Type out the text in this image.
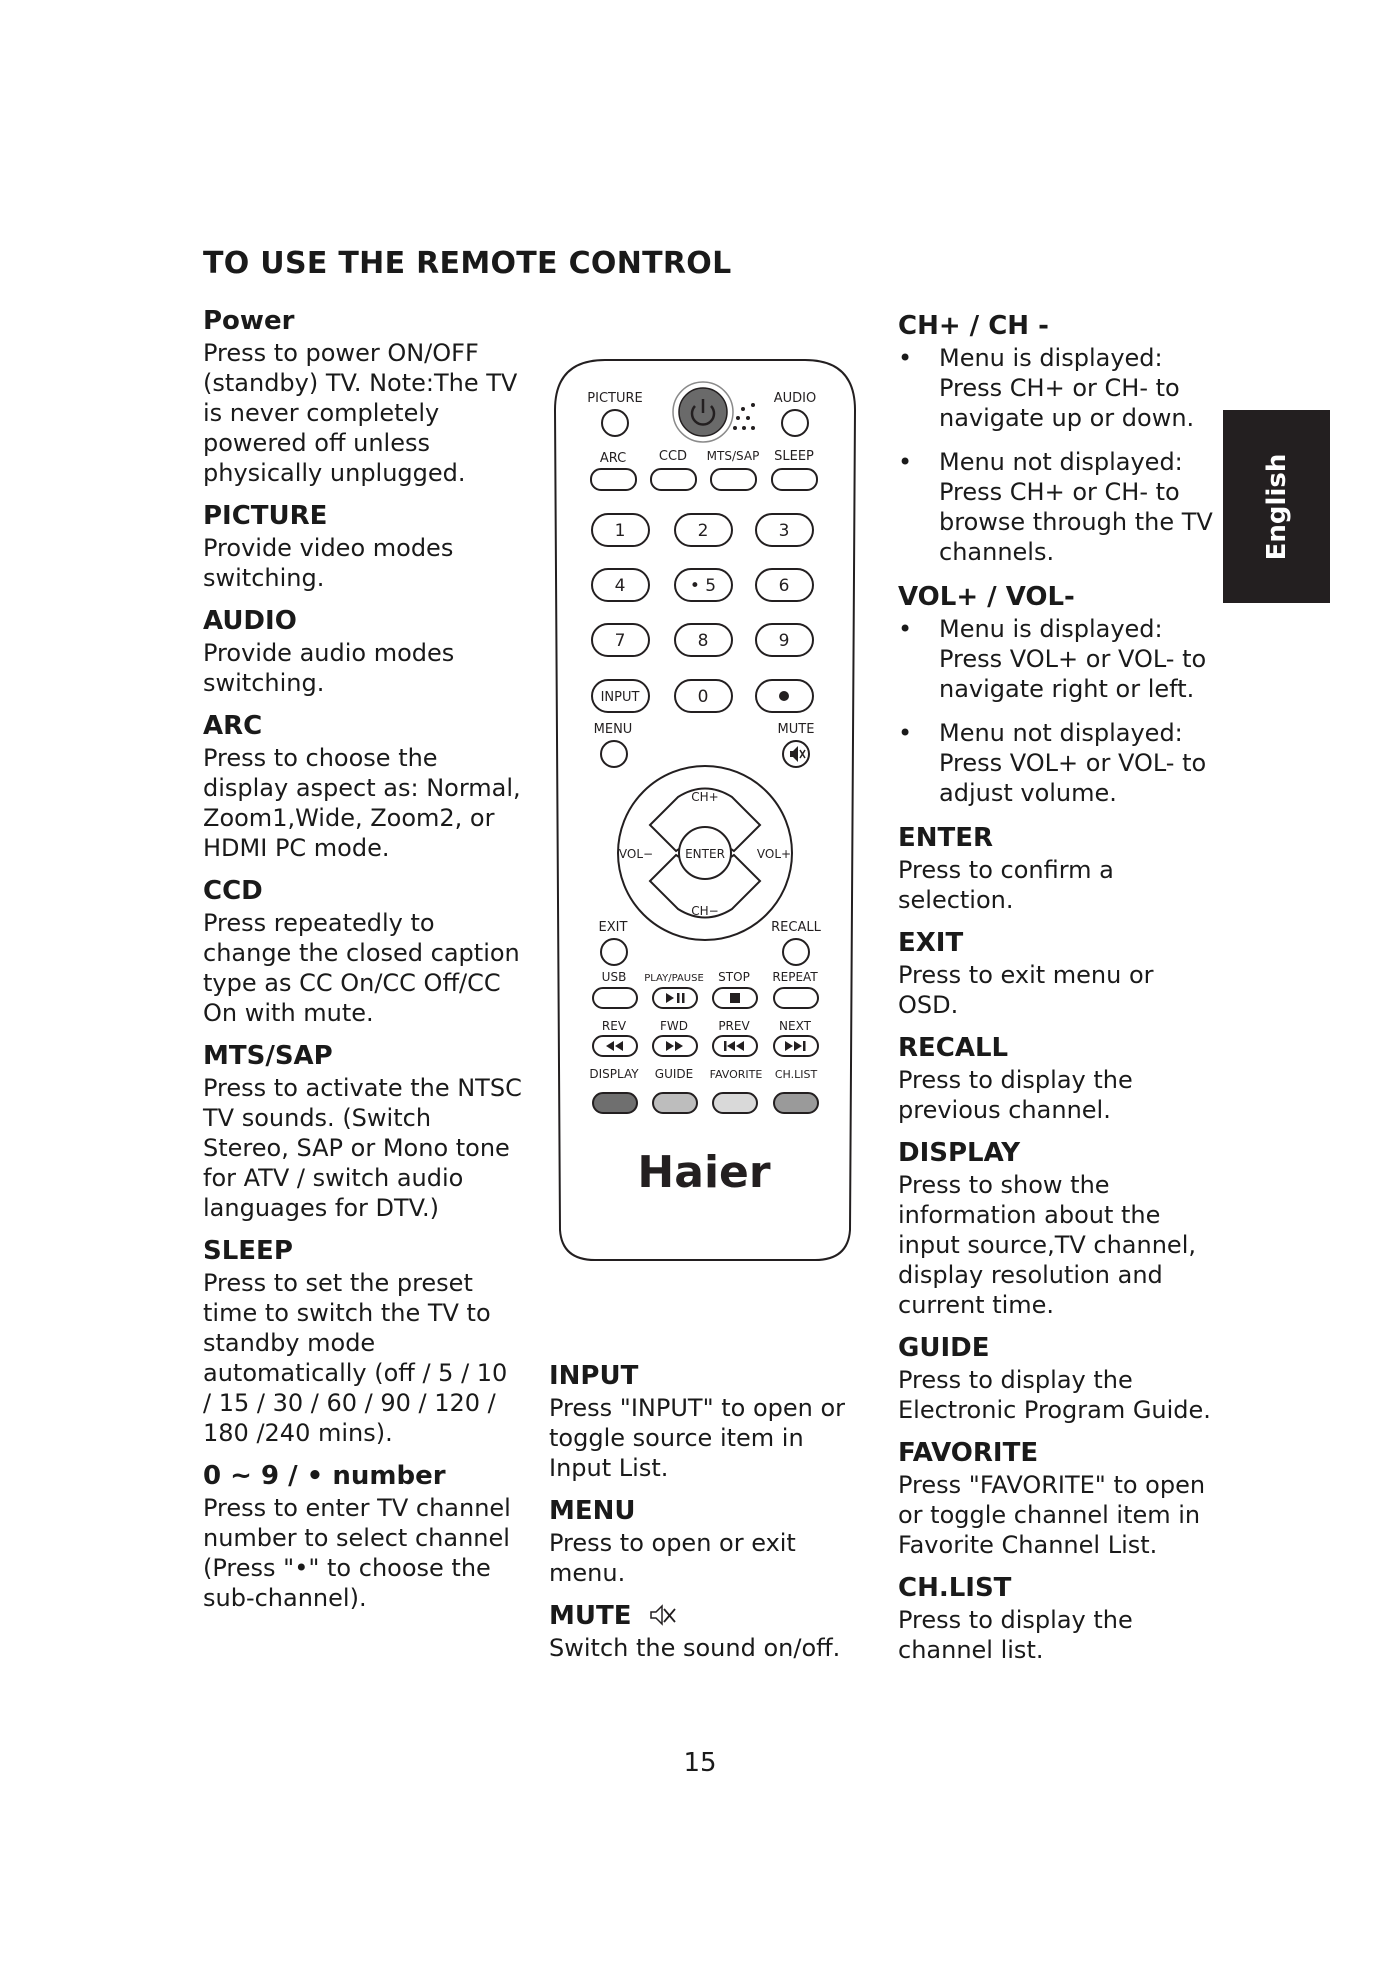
TO USE THE REMOTE CONTROL
Power
Press to power ON/OFF (standby) TV. Note:The TV is never completely powered off unless physically unplugged.
PICTURE
Provide video modes switching.
AUDIO
Provide audio modes switching.
ARC
Press to choose the display aspect as: Normal, Zoom1,Wide, Zoom2, or HDMI PC mode.
CCD
Press repeatedly to change the closed caption type as CC On/CC Off/CC On with mute.
MTS/SAP
Press to activate the NTSC TV sounds. (Switch Stereo, SAP or Mono tone for ATV / switch audio languages for DTV.)
SLEEP
Press to set the preset time to switch the TV to standby mode automatically (off / 5 / 10 / 15 / 30 / 60 / 90 / 120 / 180 /240 mins).
0 ~ 9 / • number
Press to enter TV channel number to select channel (Press "•" to choose the sub-channel).
PICTURE	AUDIO
ARC	CCD MTS/SAP SLEEP
1	2	3
4	• 5	6
7	8	9
INPUT	0
MENU	MUTE
CH+
CH−
VOL−	VOL+
ENTER
EXIT	RECALL
USB PLAY/PAUSE STOP REPEAT
REV	FWD	PREV NEXT
DISPLAY GUIDE FAVORITE CH.LIST
Haier
INPUT
Press "INPUT" to open or toggle source item in Input List.
MENU
Press to open or exit menu.
MUTE
Switch the sound on/off.
CH+ / CH -
•	Menu is displayed: Press CH+ or CH- to navigate up or down.
•	Menu not displayed: Press CH+ or CH- to browse through the TV channels.
VOL+ / VOL-
•	Menu is displayed: Press VOL+ or VOL- to navigate right or left.
•	Menu not displayed: Press VOL+ or VOL- to adjust volume.
ENTER
Press to confirm a selection.
EXIT
Press to exit menu or OSD.
RECALL
Press to display the previous channel.
DISPLAY
Press to show the information about the input source,TV channel, display resolution and current time.
GUIDE
Press to display the Electronic Program Guide.
FAVORITE
Press "FAVORITE" to open or toggle channel item in Favorite Channel List.
CH.LIST
Press to display the channel list.
English
15
